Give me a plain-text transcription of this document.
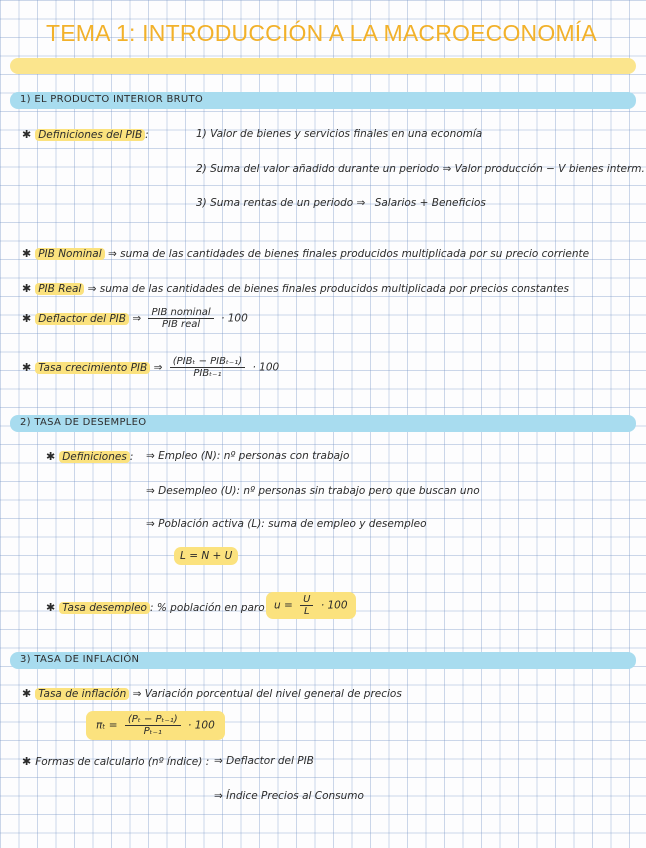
TEMA 1: INTRODUCCIÓN A LA MACROECONOMÍA
1) EL PRODUCTO INTERIOR BRUTO
✱ Definiciones del PIB :	1) Valor de bienes y servicios finales en una economía
2) Suma del valor añadido durante un periodo ⇒ Valor producción − V bienes interm.
3) Suma rentas de un periodo ⇒ Salarios + Beneficios
✱ PIB Nominal ⇒ suma de las cantidades de bienes finales producidos multiplicada por su precio corriente
✱ PIB Real ⇒ suma de las cantidades de bienes finales producidos multiplicada por precios constantes
✱ Deflactor del PIB ⇒ $\frac{\text{PIB nominal}}{\text{PIB real}} \cdot 100$
✱ Tasa crecimiento PIB ⇒ $\frac{\text{(PIBₜ − PIBₜ₋₁)}}{\text{PIBₜ₋₁}} \cdot 100$
2) TASA DE DESEMPLEO
✱ Definiciones : ⇒ Empleo (N): nº personas con trabajo
⇒ Desempleo (U): nº personas sin trabajo pero que buscan uno
⇒ Población activa (L): suma de empleo y desempleo
L = N + U
✱ Tasa desempleo : % población en paro $u = \frac{U}{L} \cdot 100$
3) TASA DE INFLACIÓN
✱ Tasa de inflación ⇒ Variación porcentual del nivel general de precios
$\pi_t = \frac{\text{(Pₜ − Pₜ₋₁)}}{\text{Pₜ₋₁}} \cdot 100$
✱ Formas de calcularlo (nº índice) : ⇒ Deflactor del PIB
⇒ Índice Precios al Consumo
